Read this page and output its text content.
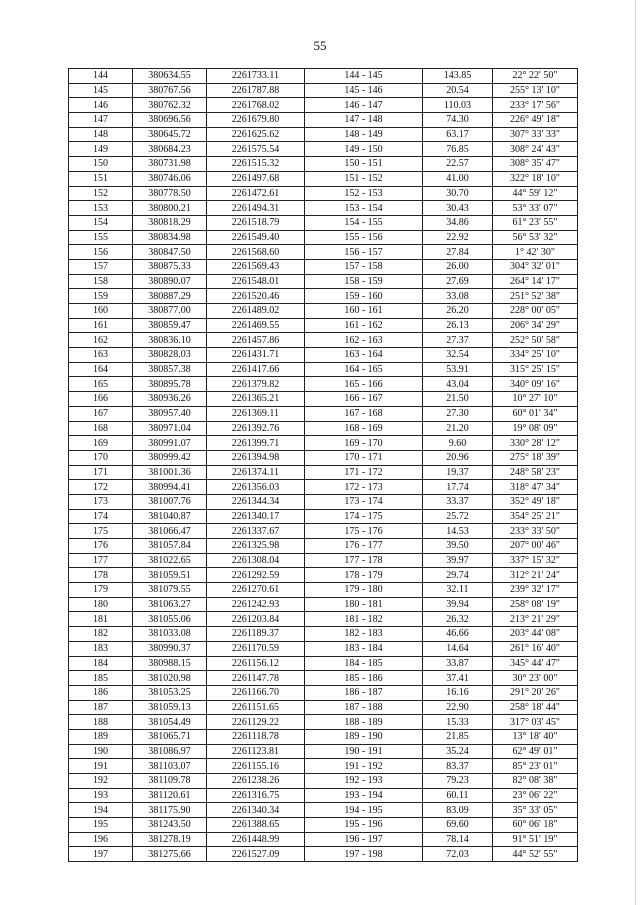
55
144	380634.55	2261733.11	144 - 145	143.85	22° 22' 50"
145	380767.56	2261787.88	145 - 146	20.54	255° 13' 10"
146	380762.32	2261768.02	146 - 147	110.03	233° 17' 56"
147	380696.56	2261679.80	147 - 148	74.30	226° 49' 18"
148	380645.72	2261625.62	148 - 149	63.17	307° 33' 33"
149	380684.23	2261575.54	149 - 150	76.85	308° 24' 43"
150	380731.98	2261515.32	150 - 151	22.57	308° 35' 47"
151	380746.06	2261497.68	151 - 152	41.00	322° 18' 10"
152	380778.50	2261472.61	152 - 153	30.70	44° 59' 12"
153	380800.21	2261494.31	153 - 154	30.43	53° 33' 07"
154	380818.29	2261518.79	154 - 155	34.86	61° 23' 55"
155	380834.98	2261549.40	155 - 156	22.92	56° 53' 32"
156	380847.50	2261568.60	156 - 157	27.84	1° 42' 30"
157	380875.33	2261569.43	157 - 158	26.00	304° 32' 01"
158	380890.07	2261548.01	158 - 159	27.69	264° 14' 17"
159	380887.29	2261520.46	159 - 160	33.08	251° 52' 38"
160	380877.00	2261489.02	160 - 161	26.20	228° 00' 05"
161	380859.47	2261469.55	161 - 162	26.13	206° 34' 29"
162	380836.10	2261457.86	162 - 163	27.37	252° 50' 58"
163	380828.03	2261431.71	163 - 164	32.54	334° 25' 10"
164	380857.38	2261417.66	164 - 165	53.91	315° 25' 15"
165	380895.78	2261379.82	165 - 166	43.04	340° 09' 16"
166	380936.26	2261365.21	166 - 167	21.50	10° 27' 10"
167	380957.40	2261369.11	167 - 168	27.30	60° 01' 34"
168	380971.04	2261392.76	168 - 169	21.20	19° 08' 09"
169	380991.07	2261399.71	169 - 170	9.60	330° 28' 12"
170	380999.42	2261394.98	170 - 171	20.96	275° 18' 39"
171	381001.36	2261374.11	171 - 172	19.37	248° 58' 23"
172	380994.41	2261356.03	172 - 173	17.74	318° 47' 34"
173	381007.76	2261344.34	173 - 174	33.37	352° 49' 18"
174	381040.87	2261340.17	174 - 175	25.72	354° 25' 21"
175	381066.47	2261337.67	175 - 176	14.53	233° 33' 50"
176	381057.84	2261325.98	176 - 177	39.50	207° 00' 46"
177	381022.65	2261308.04	177 - 178	39.97	337° 15' 32"
178	381059.51	2261292.59	178 - 179	29.74	312° 21' 24"
179	381079.55	2261270.61	179 - 180	32.11	239° 32' 17"
180	381063.27	2261242.93	180 - 181	39.94	258° 08' 19"
181	381055.06	2261203.84	181 - 182	26.32	213° 21' 29"
182	381033.08	2261189.37	182 - 183	46.66	203° 44' 08"
183	380990.37	2261170.59	183 - 184	14.64	261° 16' 40"
184	380988.15	2261156.12	184 - 185	33.87	345° 44' 47"
185	381020.98	2261147.78	185 - 186	37.41	30° 23' 00"
186	381053.25	2261166.70	186 - 187	16.16	291° 20' 26"
187	381059.13	2261151.65	187 - 188	22.90	258° 18' 44"
188	381054.49	2261129.22	188 - 189	15.33	317° 03' 45"
189	381065.71	2261118.78	189 - 190	21.85	13° 18' 40"
190	381086.97	2261123.81	190 - 191	35.24	62° 49' 01"
191	381103.07	2261155.16	191 - 192	83.37	85° 23' 01"
192	381109.78	2261238.26	192 - 193	79.23	82° 08' 38"
193	381120.61	2261316.75	193 - 194	60.11	23° 06' 22"
194	381175.90	2261340.34	194 - 195	83.09	35° 33' 05"
195	381243.50	2261388.65	195 - 196	69.60	60° 06' 18"
196	381278.19	2261448.99	196 - 197	78.14	91° 51' 19"
197	381275.66	2261527.09	197 - 198	72.03	44° 52' 55"
